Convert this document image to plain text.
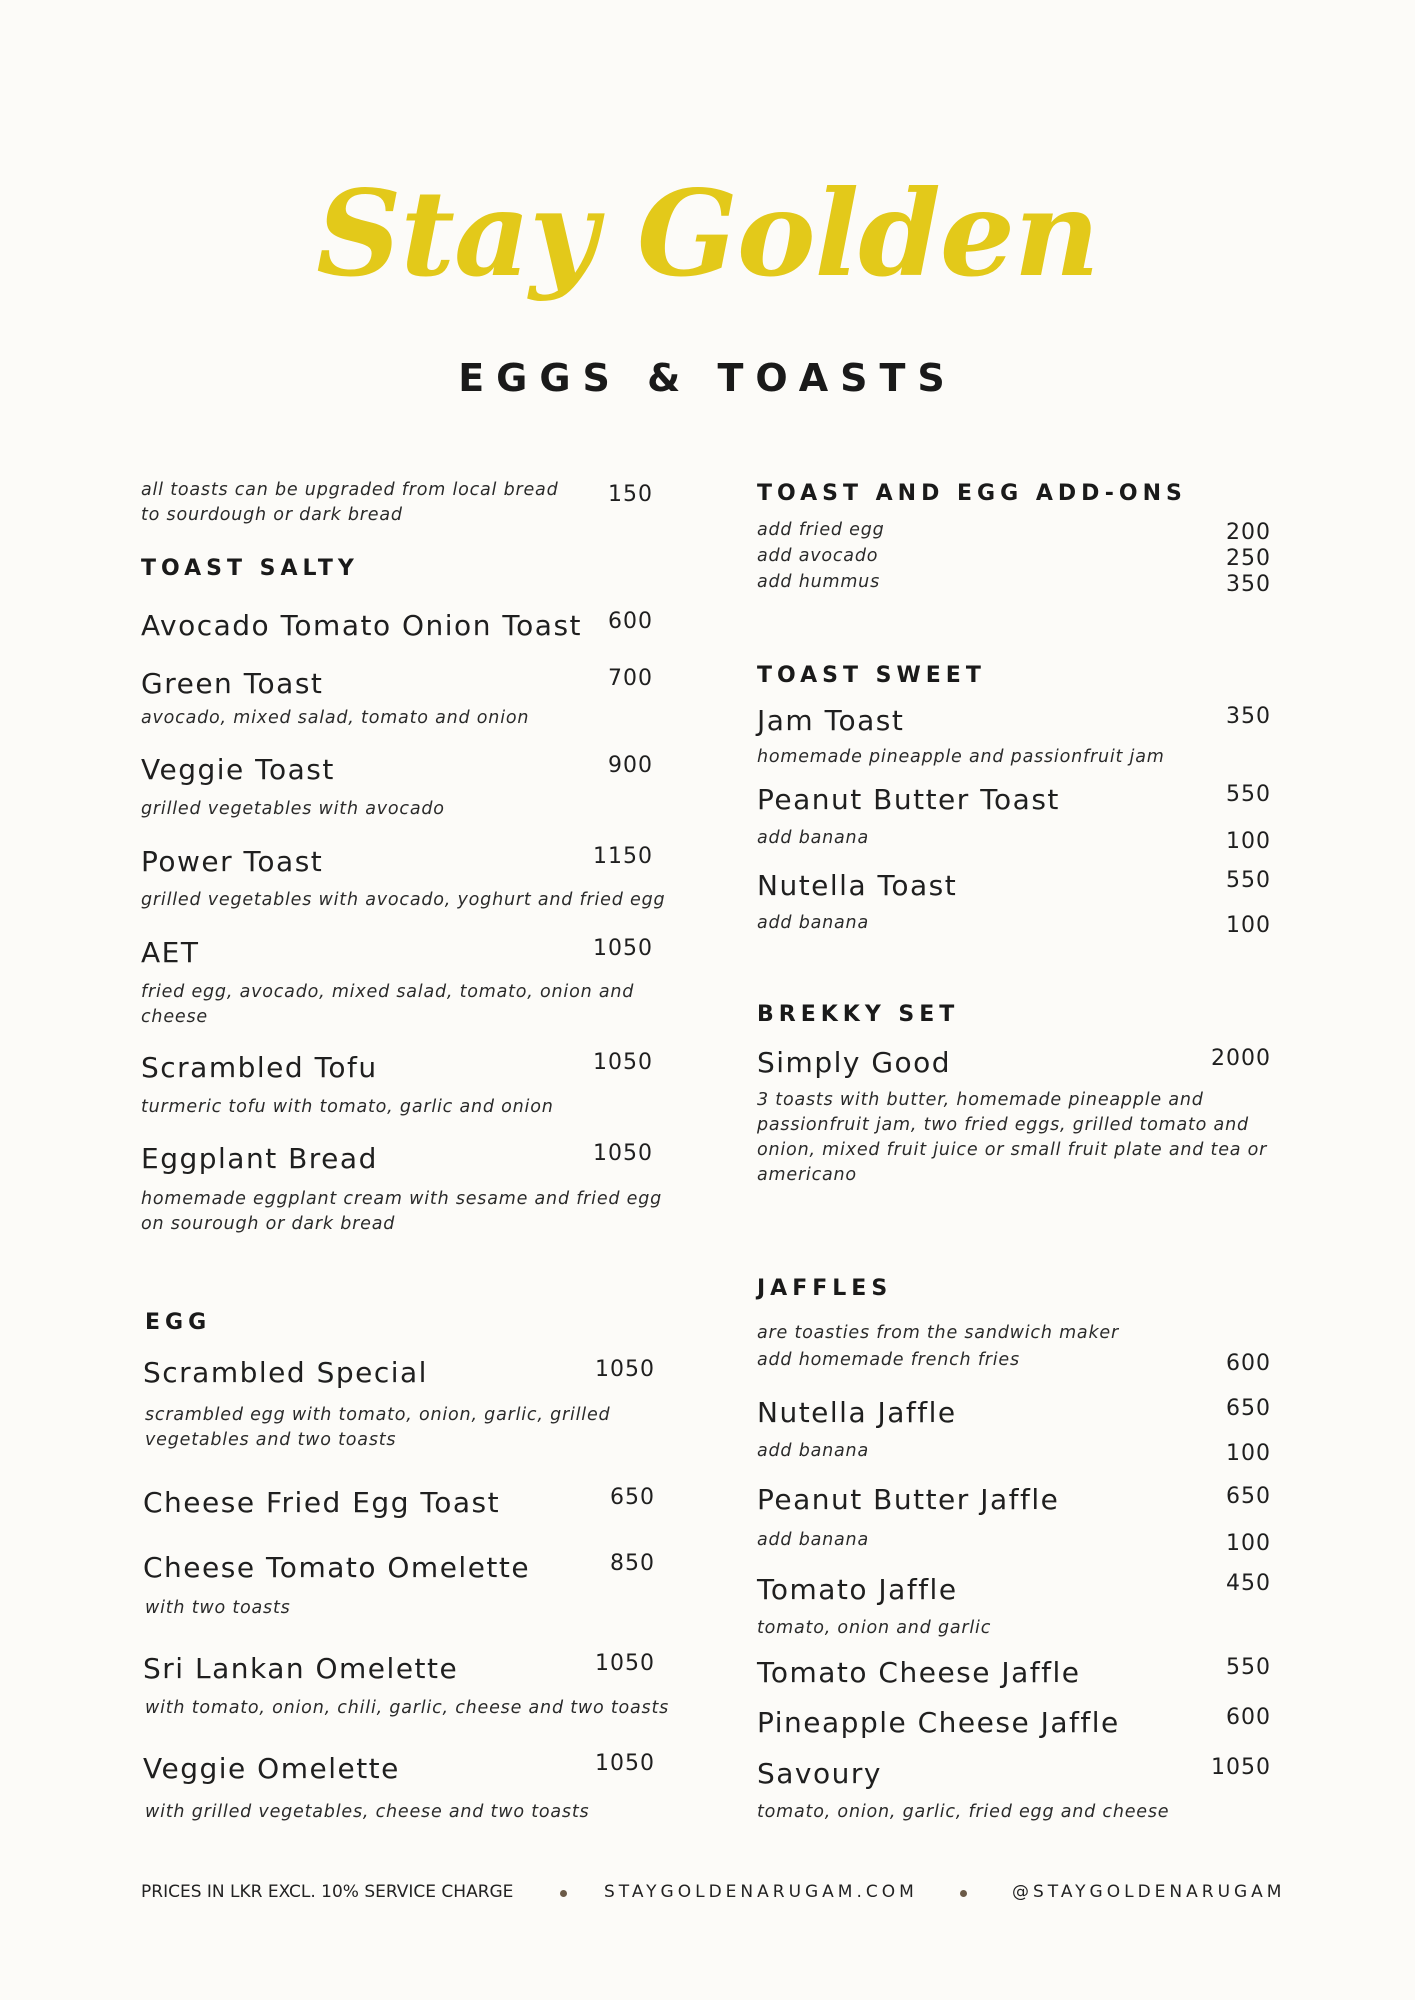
Stay Golden
EGGS & TOASTS
all toasts can be upgraded from local bread
to sourdough or dark bread
150
TOAST SALTY
Avocado Tomato Onion Toast	600
Green Toast	700
avocado, mixed salad, tomato and onion
Veggie Toast	900
grilled vegetables with avocado
Power Toast	1150
grilled vegetables with avocado, yoghurt and fried egg
AET	1050
fried egg, avocado, mixed salad, tomato, onion and
cheese
Scrambled Tofu	1050
turmeric tofu with tomato, garlic and onion
Eggplant Bread	1050
homemade eggplant cream with sesame and fried egg
on sourough or dark bread
EGG
Scrambled Special	1050
scrambled egg with tomato, onion, garlic, grilled
vegetables and two toasts
Cheese Fried Egg Toast	650
Cheese Tomato Omelette	850
with two toasts
Sri Lankan Omelette	1050
with tomato, onion, chili, garlic, cheese and two toasts
Veggie Omelette	1050
with grilled vegetables, cheese and two toasts
TOAST AND EGG ADD-ONS
add fried egg	200
add avocado	250
add hummus	350
TOAST SWEET
Jam Toast	350
homemade pineapple and passionfruit jam
Peanut Butter Toast	550
add banana	100
Nutella Toast	550
add banana	100
BREKKY SET
Simply Good	2000
3 toasts with butter, homemade pineapple and
passionfruit jam, two fried eggs, grilled tomato and
onion, mixed fruit juice or small fruit plate and tea or
americano
JAFFLES
are toasties from the sandwich maker
add homemade french fries	600
Nutella Jaffle	650
add banana	100
Peanut Butter Jaffle	650
add banana	100
Tomato Jaffle	450
tomato, onion and garlic
Tomato Cheese Jaffle	550
Pineapple Cheese Jaffle	600
Savoury	1050
tomato, onion, garlic, fried egg and cheese
PRICES IN LKR EXCL. 10% SERVICE CHARGE	STAYGOLDENARUGAM.COM	@STAYGOLDENARUGAM
